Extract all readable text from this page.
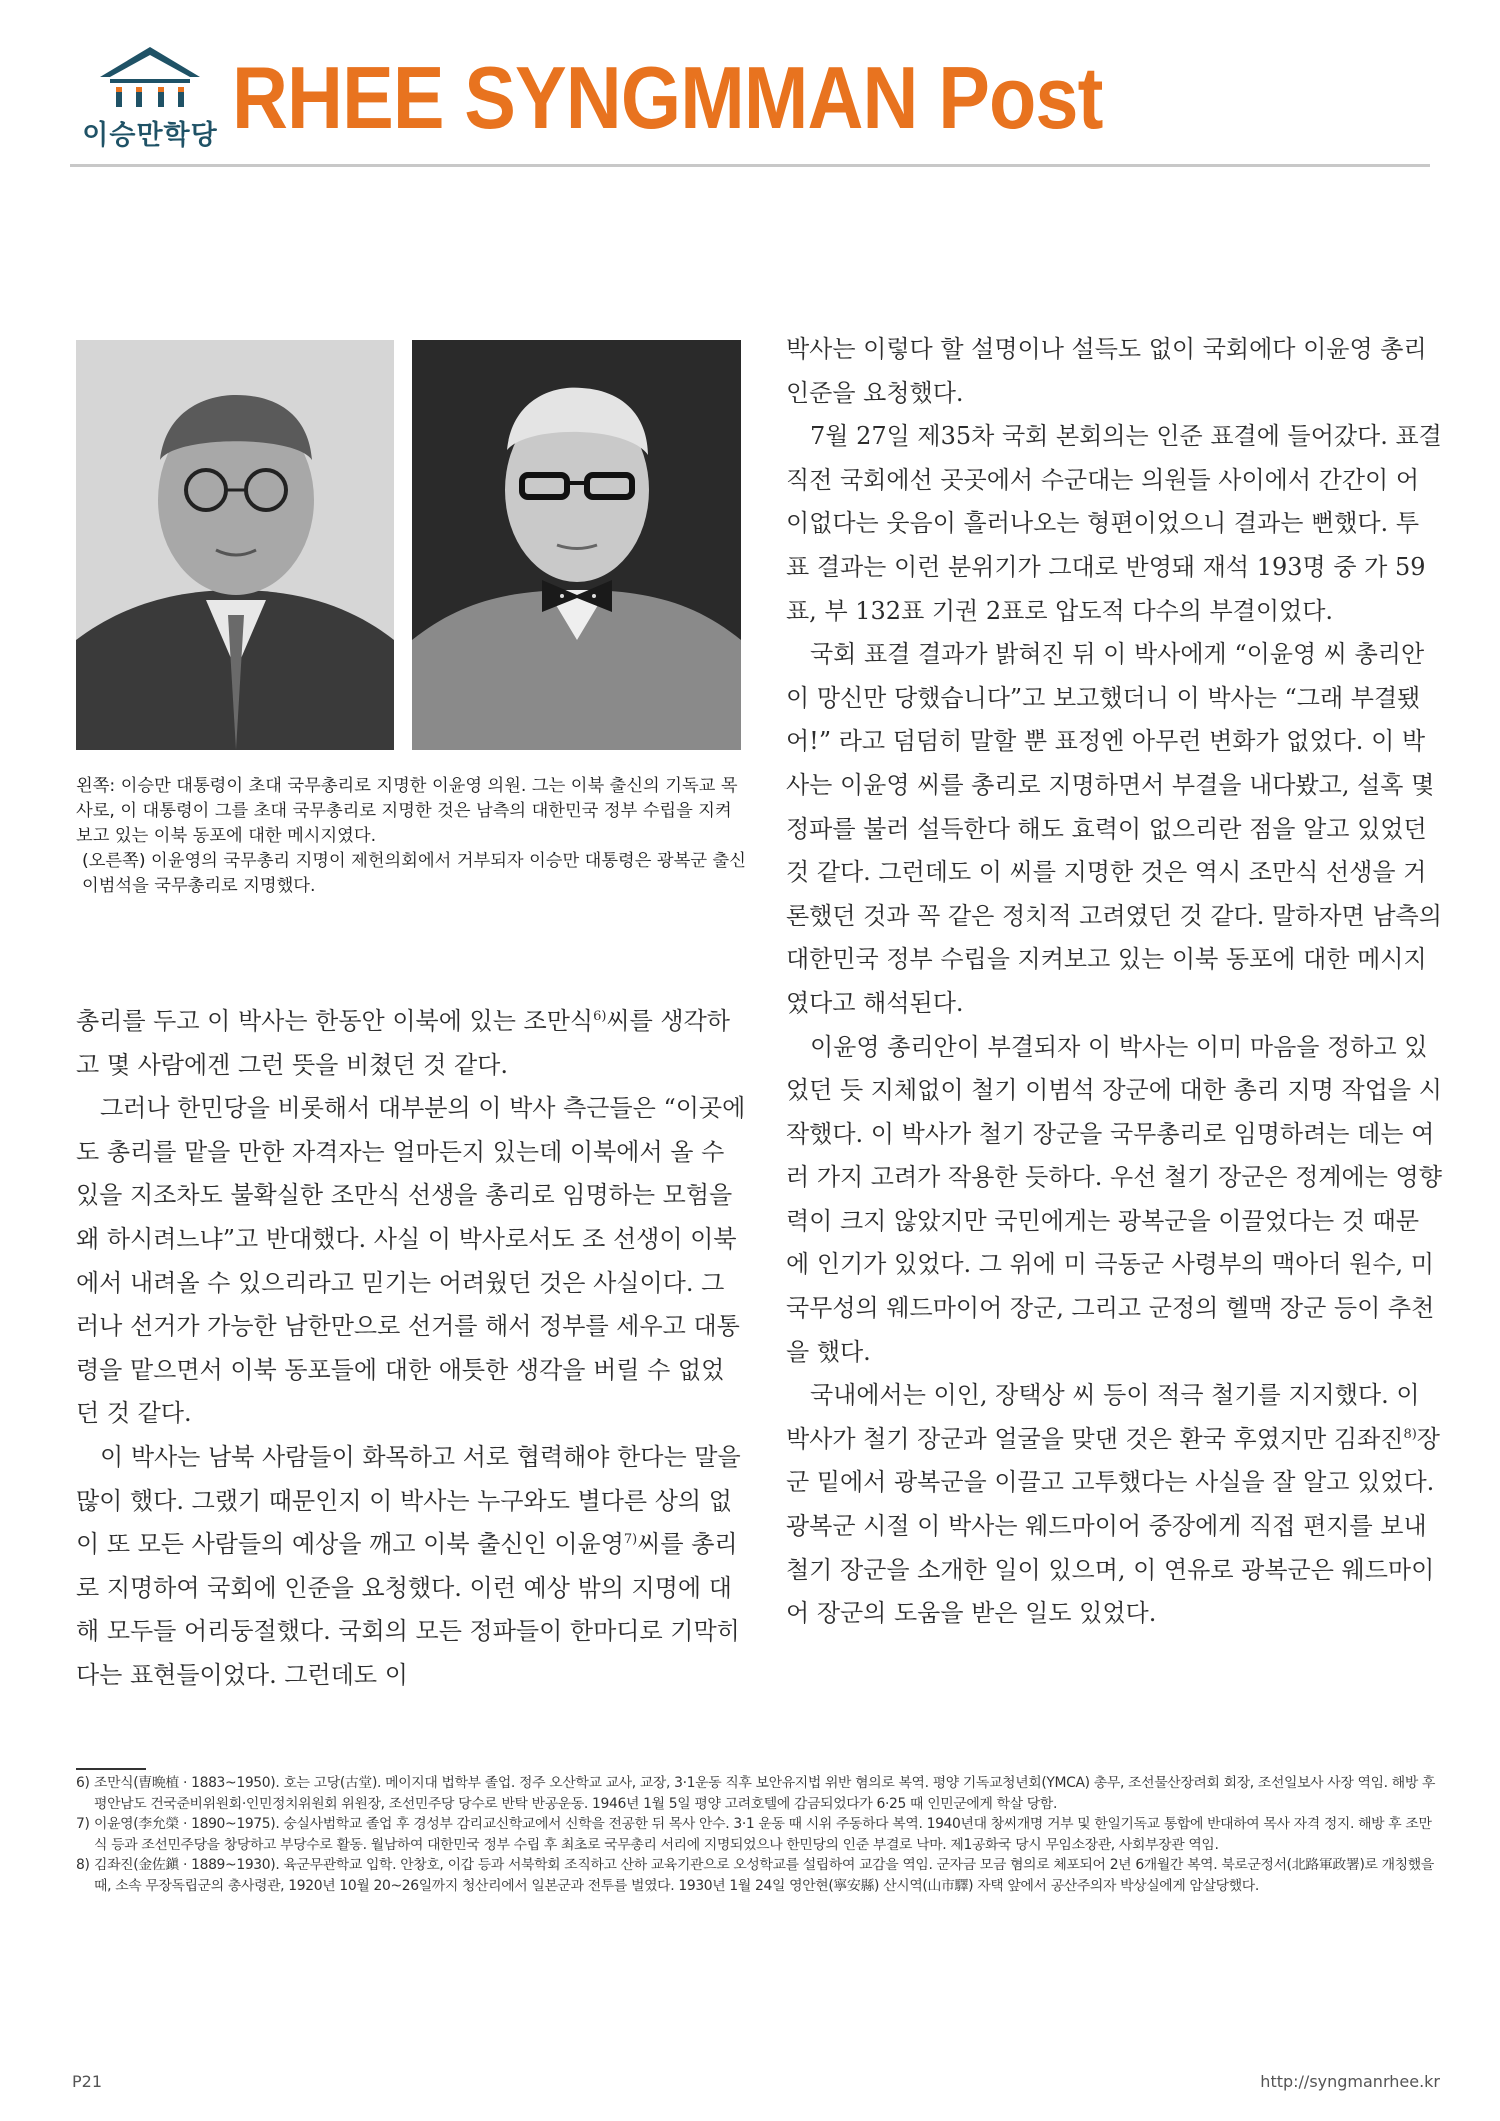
이승만학당 RHEE SYNGMMAN Post

왼쪽: 이승만 대통령이 초대 국무총리로 지명한 이윤영 의원. 그는 이북 출신의 기독교 목사로, 이 대통령이 그를 초대 국무총리로 지명한 것은 남측의 대한민국 정부 수립을 지켜보고 있는 이북 동포에 대한 메시지였다.

(오른쪽) 이윤영의 국무총리 지명이 제헌의회에서 거부되자 이승만 대통령은 광복군 출신 이범석을 국무총리로 지명했다.

총리를 두고 이 박사는 한동안 이북에 있는 조만식$^{6)}$씨를 생각하고 몇 사람에겐 그런 뜻을 비쳤던 것 같다.

그러나 한민당을 비롯해서 대부분의 이 박사 측근들은 “이곳에도 총리를 맡을 만한 자격자는 얼마든지 있는데 이북에서 올 수 있을 지조차도 불확실한 조만식 선생을 총리로 임명하는 모험을 왜 하시려느냐”고 반대했다. 사실 이 박사로서도 조 선생이 이북에서 내려올 수 있으리라고 믿기는 어려웠던 것은 사실이다. 그러나 선거가 가능한 남한만으로 선거를 해서 정부를 세우고 대통령을 맡으면서 이북 동포들에 대한 애틋한 생각을 버릴 수 없었던 것 같다.

이 박사는 남북 사람들이 화목하고 서로 협력해야 한다는 말을 많이 했다. 그랬기 때문인지 이 박사는 누구와도 별다른 상의 없이 또 모든 사람들의 예상을 깨고 이북 출신인 이윤영$^{7)}$씨를 총리로 지명하여 국회에 인준을 요청했다. 이런 예상 밖의 지명에 대해 모두들 어리둥절했다. 국회의 모든 정파들이 한마디로 기막히다는 표현들이었다. 그런데도 이

박사는 이렇다 할 설명이나 설득도 없이 국회에다 이윤영 총리 인준을 요청했다.

7월 27일 제35차 국회 본회의는 인준 표결에 들어갔다. 표결 직전 국회에선 곳곳에서 수군대는 의원들 사이에서 간간이 어이없다는 웃음이 흘러나오는 형편이었으니 결과는 뻔했다. 투표 결과는 이런 분위기가 그대로 반영돼 재석 193명 중 가 59표, 부 132표 기권 2표로 압도적 다수의 부결이었다.

국회 표결 결과가 밝혀진 뒤 이 박사에게 “이윤영 씨 총리안이 망신만 당했습니다”고 보고했더니 이 박사는 “그래 부결됐어!” 라고 덤덤히 말할 뿐 표정엔 아무런 변화가 없었다. 이 박사는 이윤영 씨를 총리로 지명하면서 부결을 내다봤고, 설혹 몇 정파를 불러 설득한다 해도 효력이 없으리란 점을 알고 있었던 것 같다. 그런데도 이 씨를 지명한 것은 역시 조만식 선생을 거론했던 것과 꼭 같은 정치적 고려였던 것 같다. 말하자면 남측의 대한민국 정부 수립을 지켜보고 있는 이북 동포에 대한 메시지였다고 해석된다.

이윤영 총리안이 부결되자 이 박사는 이미 마음을 정하고 있었던 듯 지체없이 철기 이범석 장군에 대한 총리 지명 작업을 시작했다. 이 박사가 철기 장군을 국무총리로 임명하려는 데는 여러 가지 고려가 작용한 듯하다. 우선 철기 장군은 정계에는 영향력이 크지 않았지만 국민에게는 광복군을 이끌었다는 것 때문에 인기가 있었다. 그 위에 미 극동군 사령부의 맥아더 원수, 미 국무성의 웨드마이어 장군, 그리고 군정의 헬맥 장군 등이 추천을 했다.

국내에서는 이인, 장택상 씨 등이 적극 철기를 지지했다. 이 박사가 철기 장군과 얼굴을 맞댄 것은 환국 후였지만 김좌진$^{8)}$장군 밑에서 광복군을 이끌고 고투했다는 사실을 잘 알고 있었다. 광복군 시절 이 박사는 웨드마이어 중장에게 직접 편지를 보내 철기 장군을 소개한 일이 있으며, 이 연유로 광복군은 웨드마이어 장군의 도움을 받은 일도 있었다.

6) 조만식(曺晩植 · 1883~1950). 호는 고당(古堂). 메이지대 법학부 졸업. 정주 오산학교 교사, 교장, 3·1운동 직후 보안유지법 위반 혐의로 복역. 평양 기독교청년회(YMCA) 총무, 조선물산장려회 회장, 조선일보사 사장 역임. 해방 후 평안남도 건국준비위원회·인민정치위원회 위원장, 조선민주당 당수로 반탁 반공운동. 1946년 1월 5일 평양 고려호텔에 감금되었다가 6·25 때 인민군에게 학살 당함.
7) 이윤영(李允榮 · 1890~1975). 숭실사범학교 졸업 후 경성부 감리교신학교에서 신학을 전공한 뒤 목사 안수. 3·1 운동 때 시위 주동하다 복역. 1940년대 창씨개명 거부 및 한일기독교 통합에 반대하여 목사 자격 정지. 해방 후 조만식 등과 조선민주당을 창당하고 부당수로 활동. 월남하여 대한민국 정부 수립 후 최초로 국무총리 서리에 지명되었으나 한민당의 인준 부결로 낙마. 제1공화국 당시 무임소장관, 사회부장관 역임.
8) 김좌진(金佐鎭 · 1889~1930). 육군무관학교 입학. 안창호, 이갑 등과 서북학회 조직하고 산하 교육기관으로 오성학교를 설립하여 교감을 역임. 군자금 모금 혐의로 체포되어 2년 6개월간 복역. 북로군정서(北路軍政署)로 개칭했을 때, 소속 무장독립군의 총사령관, 1920년 10월 20~26일까지 청산리에서 일본군과 전투를 벌였다. 1930년 1월 24일 영안현(寧安縣) 산시역(山市驛) 자택 앞에서 공산주의자 박상실에게 암살당했다.
P21	http://syngmanrhee.kr
